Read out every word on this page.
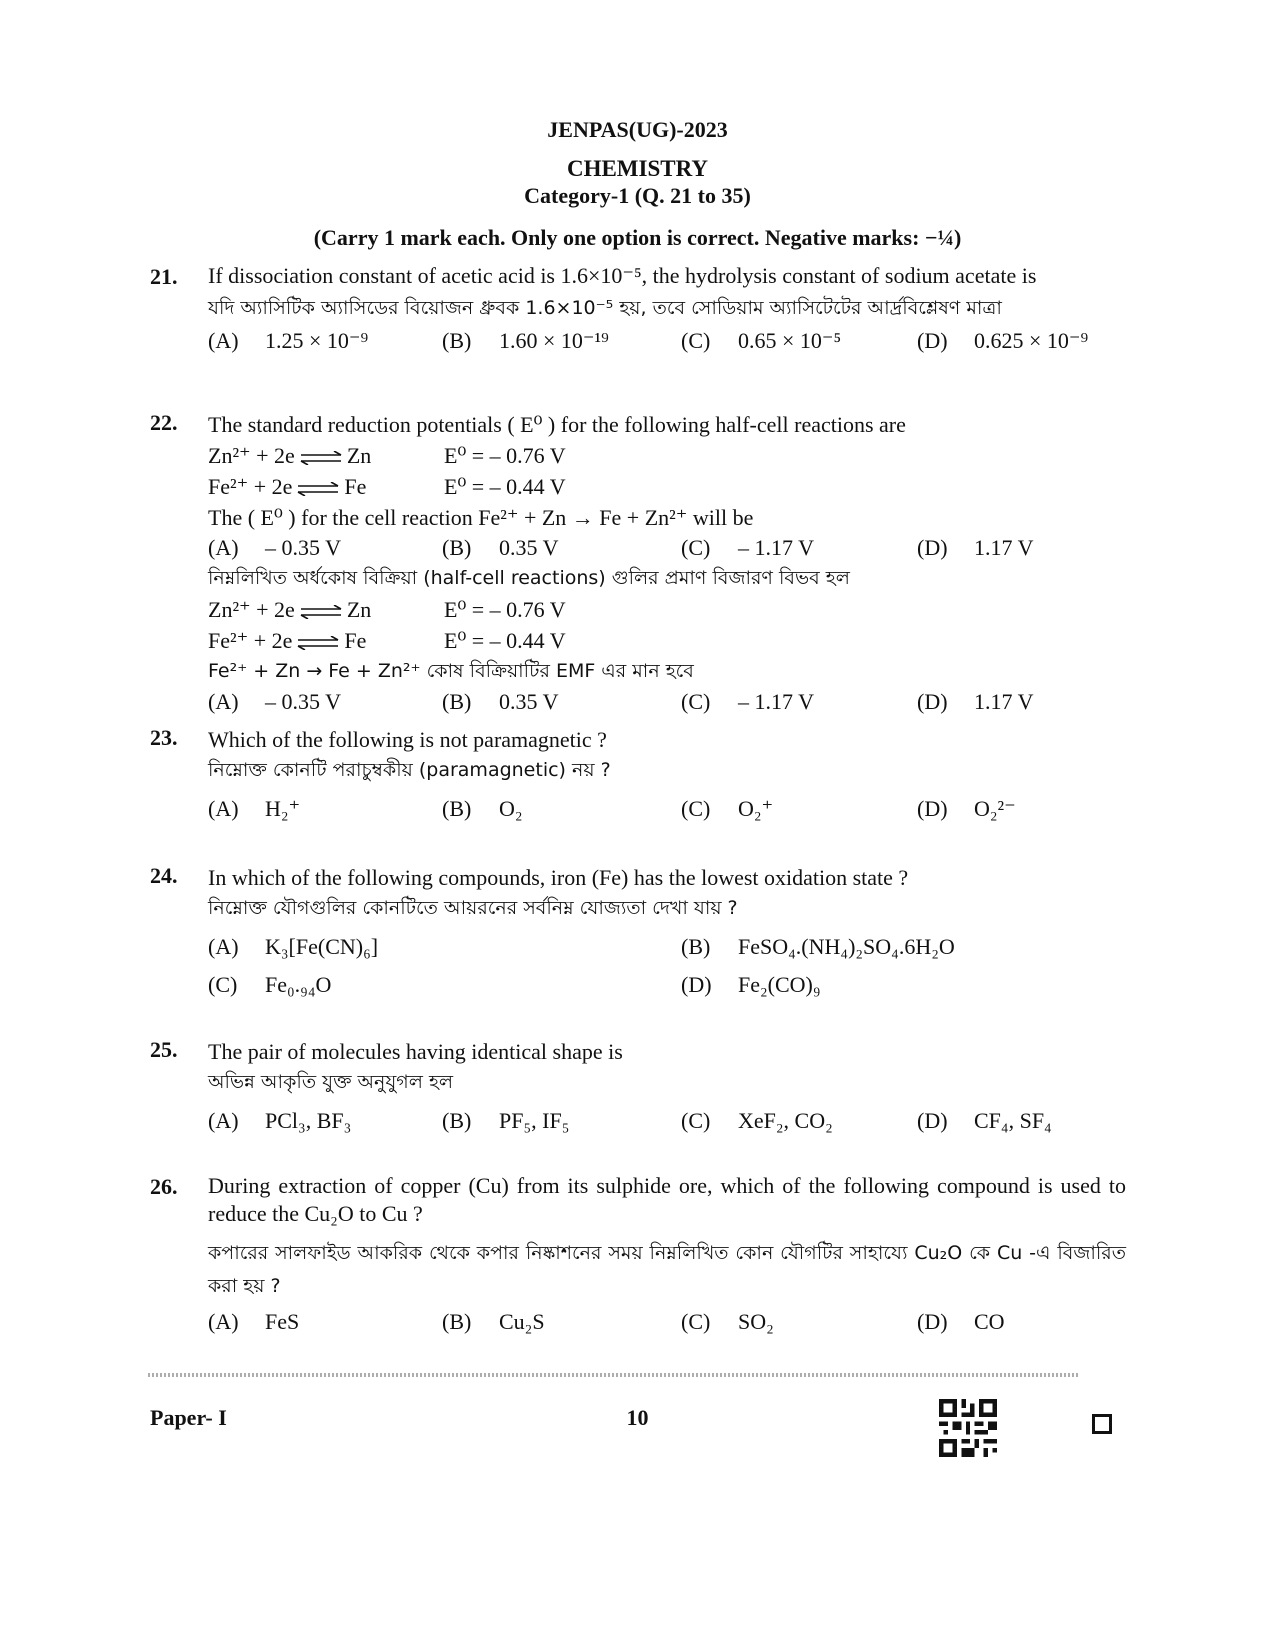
JENPAS(UG)-2023
CHEMISTRY
Category-1 (Q. 21 to 35)
(Carry 1 mark each. Only one option is correct. Negative marks: −¼)
21. If dissociation constant of acetic acid is 1.6×10⁻⁵, the hydrolysis constant of sodium acetate is
যদি অ্যাসিটিক অ্যাসিডের বিয়োজন ধ্রুবক 1.6×10⁻⁵ হয়, তবে সোডিয়াম অ্যাসিটেটের আর্দ্রবিশ্লেষণ মাত্রা
(A) 1.25 × 10⁻⁹	(B) 1.60 × 10⁻¹⁹	(C) 0.65 × 10⁻⁵	(D) 0.625 × 10⁻⁹
22. The standard reduction potentials ( E⁰ ) for the following half-cell reactions are
Zn²⁺ + 2e ⇌ Zn	E⁰ = – 0.76 V
Fe²⁺ + 2e ⇌ Fe	E⁰ = – 0.44 V
The ( E⁰ ) for the cell reaction Fe²⁺ + Zn → Fe + Zn²⁺ will be
(A) – 0.35 V	(B) 0.35 V	(C) – 1.17 V	(D) 1.17 V
নিম্নলিখিত অর্ধকোষ বিক্রিয়া (half-cell reactions) গুলির প্রমাণ বিজারণ বিভব হল
Zn²⁺ + 2e ⇌ Zn	E⁰ = – 0.76 V
Fe²⁺ + 2e ⇌ Fe	E⁰ = – 0.44 V
Fe²⁺ + Zn → Fe + Zn²⁺ কোষ বিক্রিয়াটির EMF এর মান হবে
(A) – 0.35 V	(B) 0.35 V	(C) – 1.17 V	(D) 1.17 V
23. Which of the following is not paramagnetic ?
নিম্নোক্ত কোনটি পরাচুম্বকীয় (paramagnetic) নয় ?
(A) H₂⁺	(B) O₂	(C) O₂⁺	(D) O₂²⁻
24. In which of the following compounds, iron (Fe) has the lowest oxidation state ?
নিম্নোক্ত যৌগগুলির কোনটিতে আয়রনের সর্বনিম্ন যোজ্যতা দেখা যায় ?
(A) K₃[Fe(CN)₆]	(B) FeSO₄.(NH₄)₂SO₄.6H₂O
(C) Fe₀.₉₄O	(D) Fe₂(CO)₉
25. The pair of molecules having identical shape is
অভিন্ন আকৃতি যুক্ত অনুযুগল হল
(A) PCl₃, BF₃	(B) PF₅, IF₅	(C) XeF₂, CO₂	(D) CF₄, SF₄
26. During extraction of copper (Cu) from its sulphide ore, which of the following compound is used to reduce the Cu₂O to Cu ?
কপারের সালফাইড আকরিক থেকে কপার নিষ্কাশনের সময় নিম্নলিখিত কোন যৌগটির সাহায্যে Cu₂O কে Cu -এ বিজারিত করা হয় ?
(A) FeS	(B) Cu₂S	(C) SO₂	(D) CO
Paper- I	10
